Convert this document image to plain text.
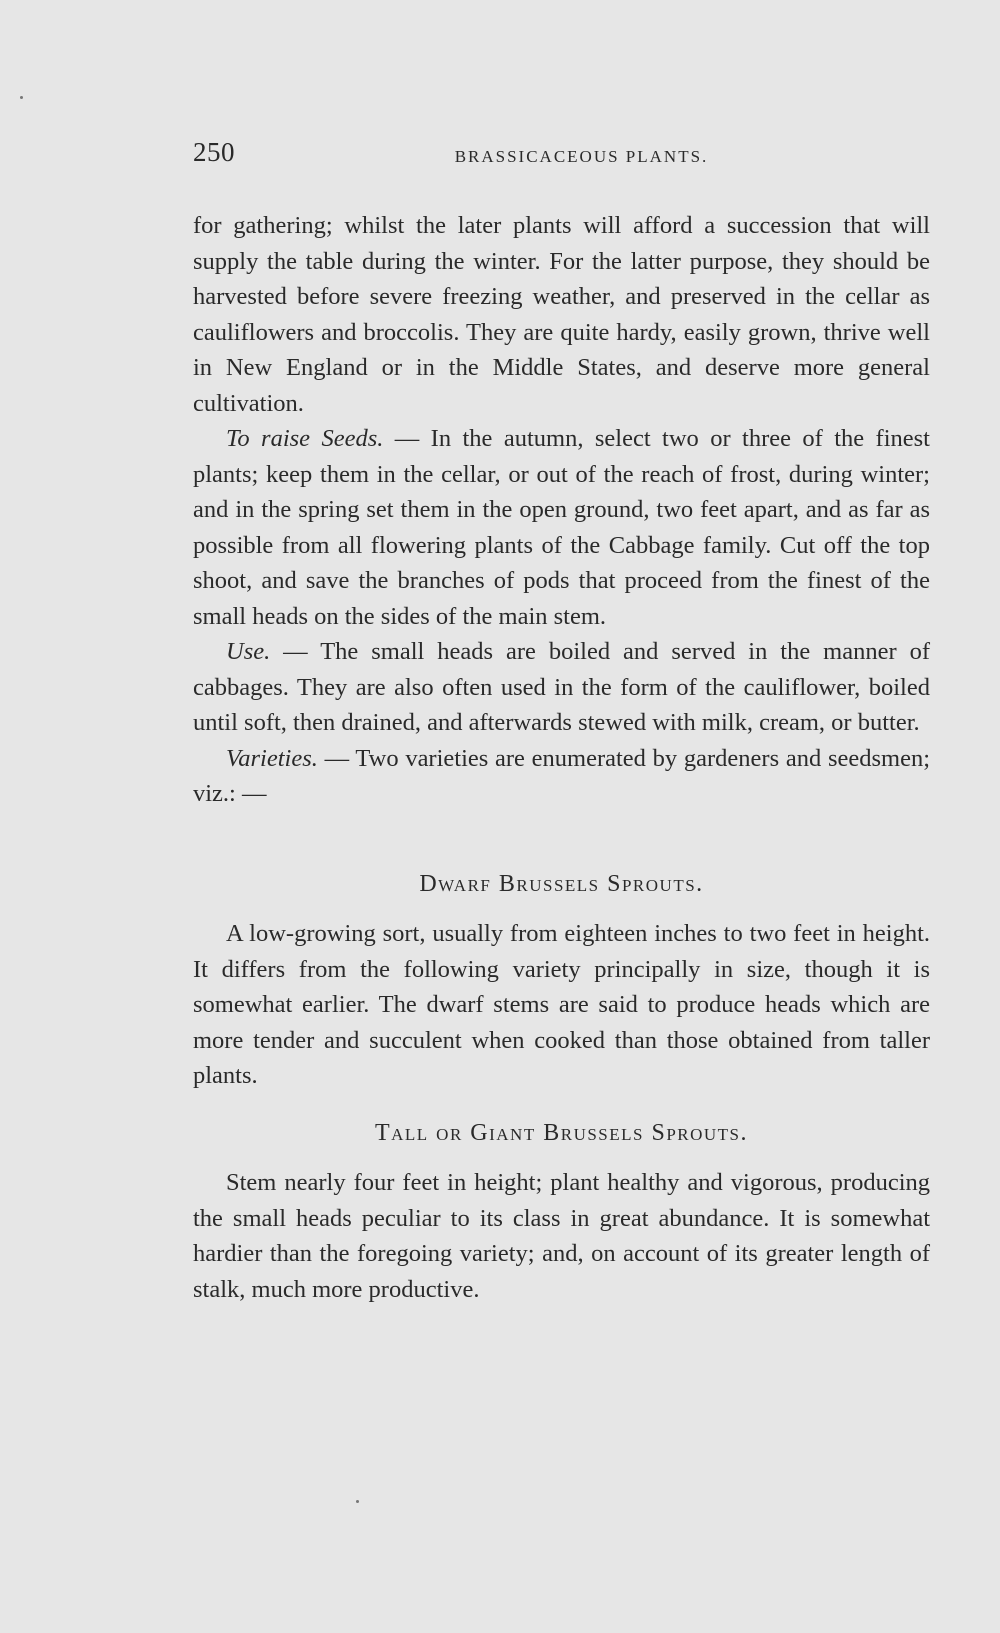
250	BRASSICACEOUS PLANTS.

for gathering; whilst the later plants will afford a succession that will supply the table during the winter. For the latter purpose, they should be harvested before severe freezing weather, and preserved in the cellar as cauliflowers and broccolis. They are quite hardy, easily grown, thrive well in New England or in the Middle States, and deserve more general cultivation.

To raise Seeds. — In the autumn, select two or three of the finest plants; keep them in the cellar, or out of the reach of frost, during winter; and in the spring set them in the open ground, two feet apart, and as far as possible from all flowering plants of the Cabbage family. Cut off the top shoot, and save the branches of pods that proceed from the finest of the small heads on the sides of the main stem.

Use. — The small heads are boiled and served in the manner of cabbages. They are also often used in the form of the cauliflower, boiled until soft, then drained, and afterwards stewed with milk, cream, or butter.

Varieties. — Two varieties are enumerated by gardeners and seedsmen; viz.: —

Dwarf Brussels Sprouts.

A low-growing sort, usually from eighteen inches to two feet in height. It differs from the following variety principally in size, though it is somewhat earlier. The dwarf stems are said to produce heads which are more tender and succulent when cooked than those obtained from taller plants.

Tall or Giant Brussels Sprouts.

Stem nearly four feet in height; plant healthy and vigorous, producing the small heads peculiar to its class in great abundance. It is somewhat hardier than the foregoing variety; and, on account of its greater length of stalk, much more productive.
